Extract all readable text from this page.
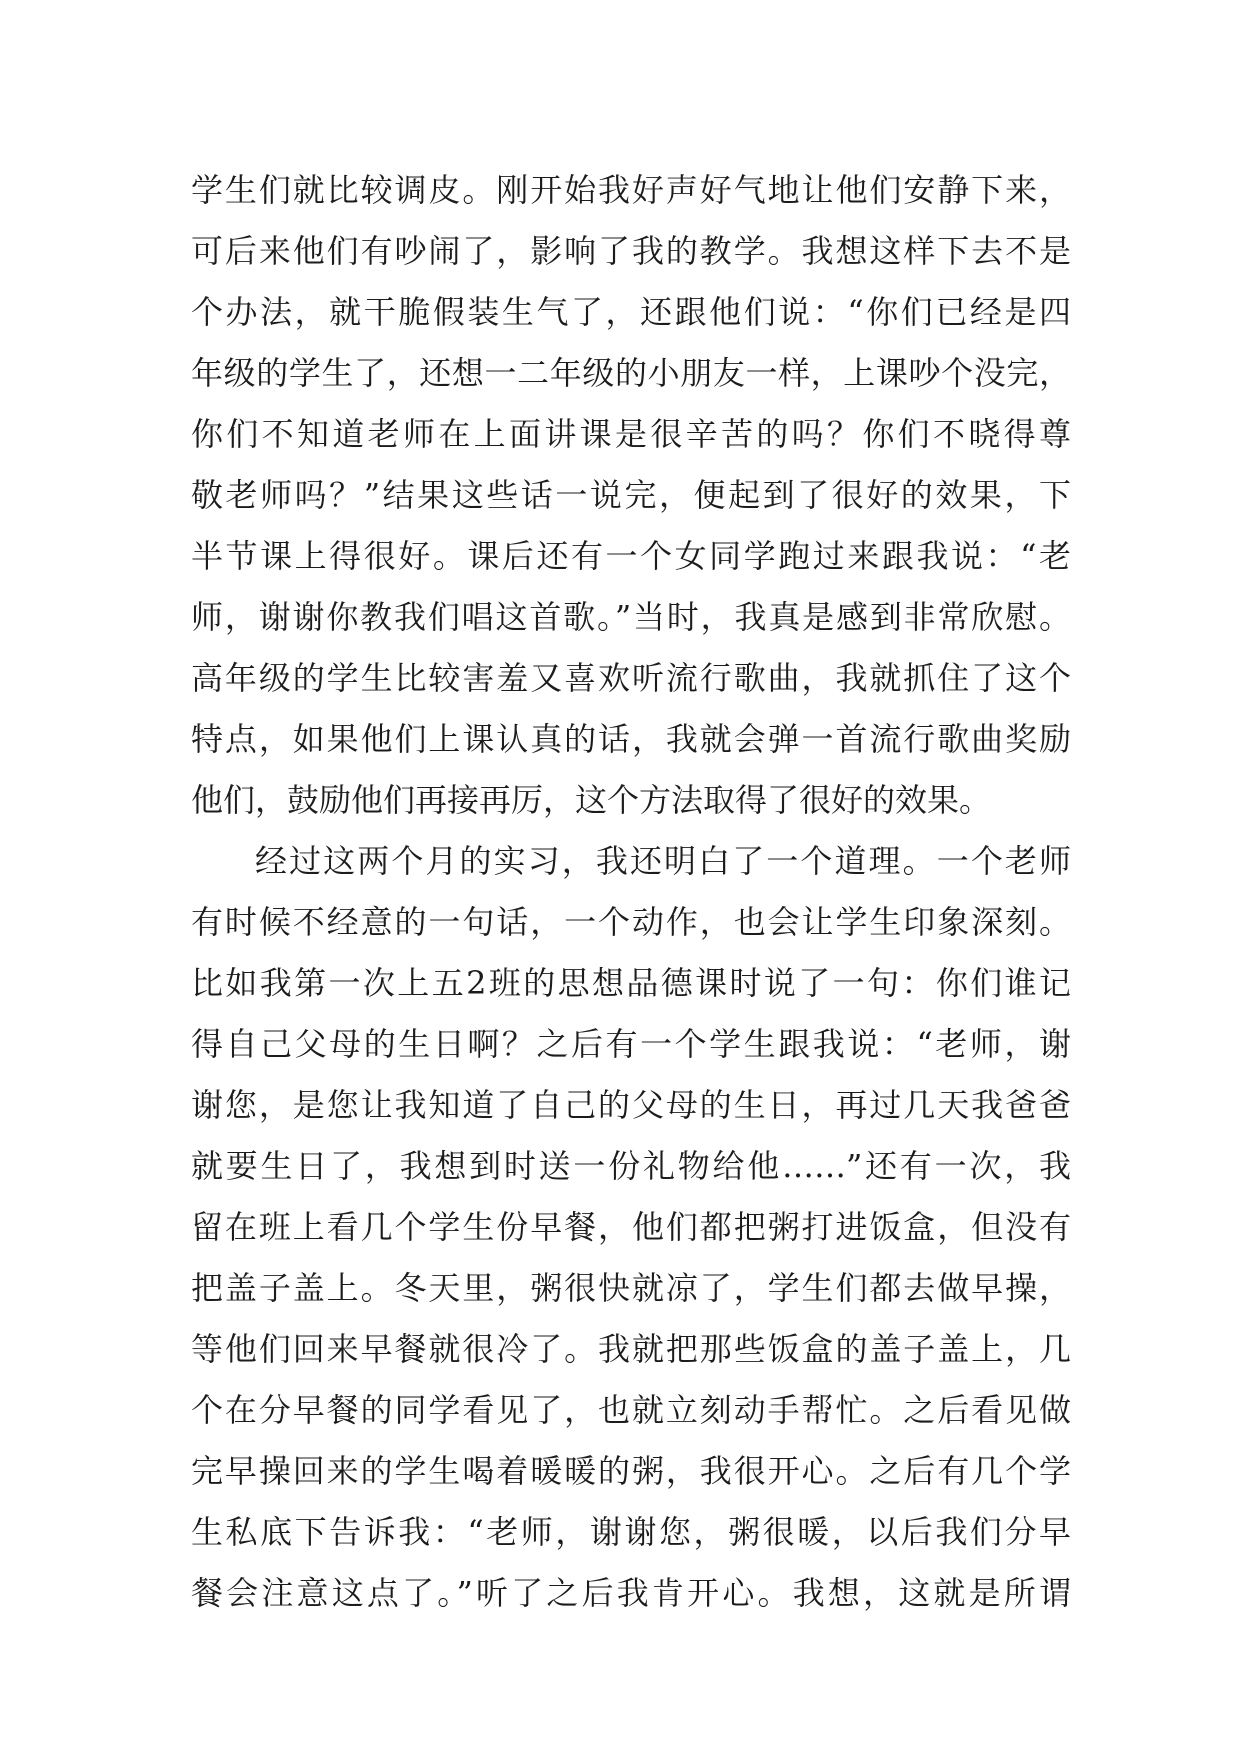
学生们就比较调皮。刚开始我好声好气地让他们安静下来，
可后来他们有吵闹了，影响了我的教学。我想这样下去不是
个办法，就干脆假装生气了，还跟他们说：“你们已经是四
年级的学生了，还想一二年级的小朋友一样，上课吵个没完，
你们不知道老师在上面讲课是很辛苦的吗？你们不晓得尊
敬老师吗？”结果这些话一说完，便起到了很好的效果，下
半节课上得很好。课后还有一个女同学跑过来跟我说：“老
师，谢谢你教我们唱这首歌。”当时，我真是感到非常欣慰。
高年级的学生比较害羞又喜欢听流行歌曲，我就抓住了这个
特点，如果他们上课认真的话，我就会弹一首流行歌曲奖励
他们，鼓励他们再接再厉，这个方法取得了很好的效果。
经过这两个月的实习，我还明白了一个道理。一个老师
有时候不经意的一句话，一个动作，也会让学生印象深刻。
比如我第一次上五2班的思想品德课时说了一句：你们谁记
得自己父母的生日啊？之后有一个学生跟我说：“老师，谢
谢您，是您让我知道了自己的父母的生日，再过几天我爸爸
就要生日了，我想到时送一份礼物给他……”还有一次，我
留在班上看几个学生份早餐，他们都把粥打进饭盒，但没有
把盖子盖上。冬天里，粥很快就凉了，学生们都去做早操，
等他们回来早餐就很冷了。我就把那些饭盒的盖子盖上，几
个在分早餐的同学看见了，也就立刻动手帮忙。之后看见做
完早操回来的学生喝着暖暖的粥，我很开心。之后有几个学
生私底下告诉我：“老师，谢谢您，粥很暖，以后我们分早
餐会注意这点了。”听了之后我肯开心。我想，这就是所谓
